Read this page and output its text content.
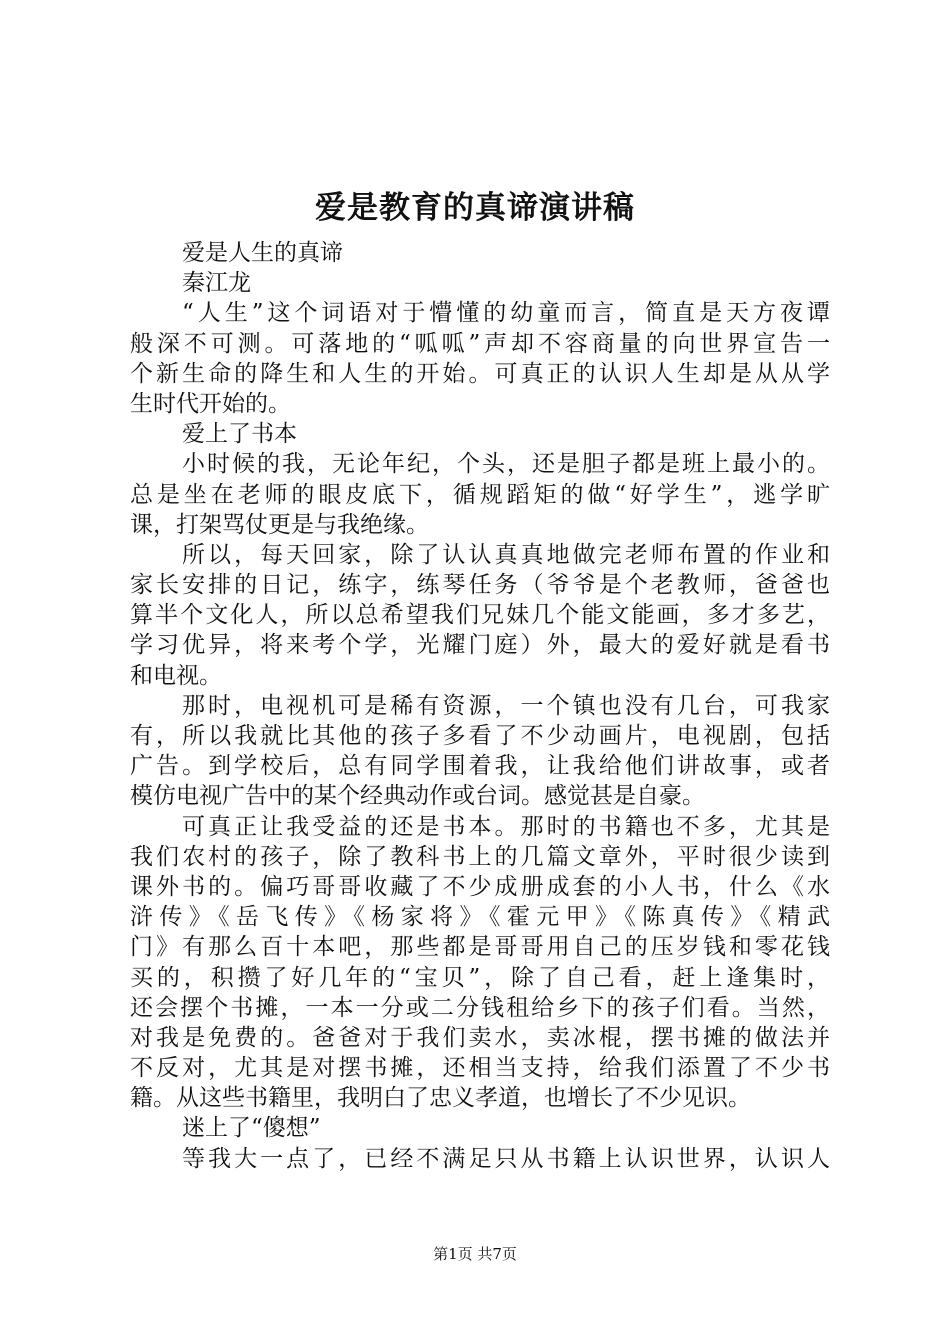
爱是教育的真谛演讲稿
爱是人生的真谛
秦江龙
“人生”这个词语对于懵懂的幼童而言，简直是天方夜谭
般深不可测。可落地的“呱呱”声却不容商量的向世界宣告一
个新生命的降生和人生的开始。可真正的认识人生却是从从学
生时代开始的。
爱上了书本
小时候的我，无论年纪，个头，还是胆子都是班上最小的。
总是坐在老师的眼皮底下，循规蹈矩的做“好学生”，逃学旷
课，打架骂仗更是与我绝缘。
所以，每天回家，除了认认真真地做完老师布置的作业和
家长安排的日记，练字，练琴任务（爷爷是个老教师，爸爸也
算半个文化人，所以总希望我们兄妹几个能文能画，多才多艺，
学习优异，将来考个学，光耀门庭）外，最大的爱好就是看书
和电视。
那时，电视机可是稀有资源，一个镇也没有几台，可我家
有，所以我就比其他的孩子多看了不少动画片，电视剧，包括
广告。到学校后，总有同学围着我，让我给他们讲故事，或者
模仿电视广告中的某个经典动作或台词。感觉甚是自豪。
可真正让我受益的还是书本。那时的书籍也不多，尤其是
我们农村的孩子，除了教科书上的几篇文章外，平时很少读到
课外书的。偏巧哥哥收藏了不少成册成套的小人书，什么《水
浒传》《岳飞传》《杨家将》《霍元甲》《陈真传》《精武
门》有那么百十本吧，那些都是哥哥用自己的压岁钱和零花钱
买的，积攒了好几年的“宝贝”，除了自己看，赶上逢集时，
还会摆个书摊，一本一分或二分钱租给乡下的孩子们看。当然，
对我是免费的。爸爸对于我们卖水，卖冰棍，摆书摊的做法并
不反对，尤其是对摆书摊，还相当支持，给我们添置了不少书
籍。从这些书籍里，我明白了忠义孝道，也增长了不少见识。
迷上了“傻想”
等我大一点了，已经不满足只从书籍上认识世界，认识人
第1页 共7页
